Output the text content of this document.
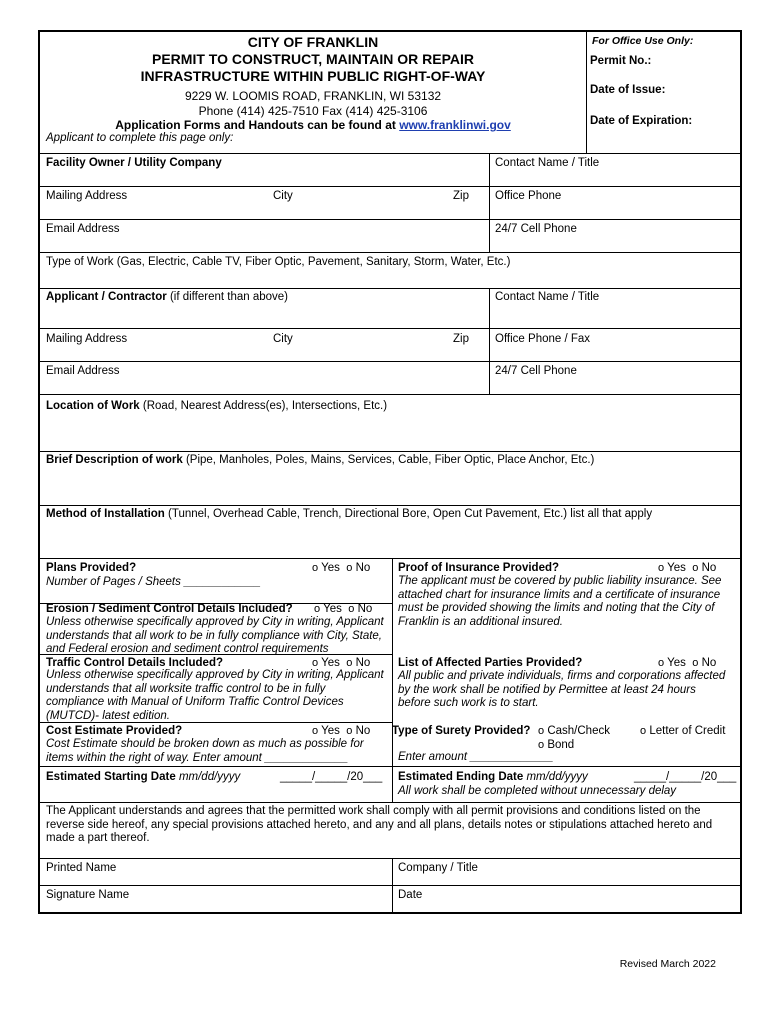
CITY OF FRANKLIN
PERMIT TO CONSTRUCT, MAINTAIN OR REPAIR
INFRASTRUCTURE WITHIN PUBLIC RIGHT-OF-WAY
9229 W. LOOMIS ROAD, FRANKLIN, WI 53132
Phone (414) 425-7510 Fax (414) 425-3106
Application Forms and Handouts can be found at www.franklinwi.gov
Applicant to complete this page only:
For Office Use Only:
Permit No.:
Date of Issue:
Date of Expiration:
Facility Owner / Utility Company	Contact Name / Title
Mailing Address	City	Zip Office Phone
Email Address	24/7 Cell Phone
Type of Work (Gas, Electric, Cable TV, Fiber Optic, Pavement, Sanitary, Storm, Water, Etc.)
Applicant / Contractor (if different than above)	Contact Name / Title
Mailing Address	City	Zip Office Phone / Fax
Email Address	24/7 Cell Phone
Location of Work (Road, Nearest Address(es), Intersections, Etc.)
Brief Description of work (Pipe, Manholes, Poles, Mains, Services, Cable, Fiber Optic, Place Anchor, Etc.)
Method of Installation (Tunnel, Overhead Cable, Trench, Directional Bore, Open Cut Pavement, Etc.) list all that apply
Plans Provided?	o Yes o No
Number of Pages / Sheets ____________
Erosion / Sediment Control Details Included? o Yes o No
Unless otherwise specifically approved by City in writing, Applicant understands that all work to be in fully compliance with City, State, and Federal erosion and sediment control requirements
Traffic Control Details Included?	o Yes o No
Unless otherwise specifically approved by City in writing, Applicant understands that all worksite traffic control to be in fully compliance with Manual of Uniform Traffic Control Devices (MUTCD)- latest edition.
Cost Estimate Provided?	o Yes o No
Cost Estimate should be broken down as much as possible for items within the right of way. Enter amount _____________
Proof of Insurance Provided?	o Yes o No
The applicant must be covered by public liability insurance. See attached chart for insurance limits and a certificate of insurance must be provided showing the limits and noting that the City of Franklin is an additional insured.
List of Affected Parties Provided?	o Yes o No
All public and private individuals, firms and corporations affected by the work shall be notified by Permittee at least 24 hours before such work is to start.
Type of Surety Provided? o Cash/Check	o Letter of Credit
o Bond
Enter amount _____________
Estimated Starting Date mm/dd/yyyy	_____/_____/20___ Estimated Ending Date mm/dd/yyyy	_____/_____/20___
All work shall be completed without unnecessary delay
The Applicant understands and agrees that the permitted work shall comply with all permit provisions and conditions listed on the reverse side hereof, any special provisions attached hereto, and any and all plans, details notes or stipulations attached hereto and made a part thereof.
Printed Name	Company / Title
Signature Name	Date
Revised March 2022
